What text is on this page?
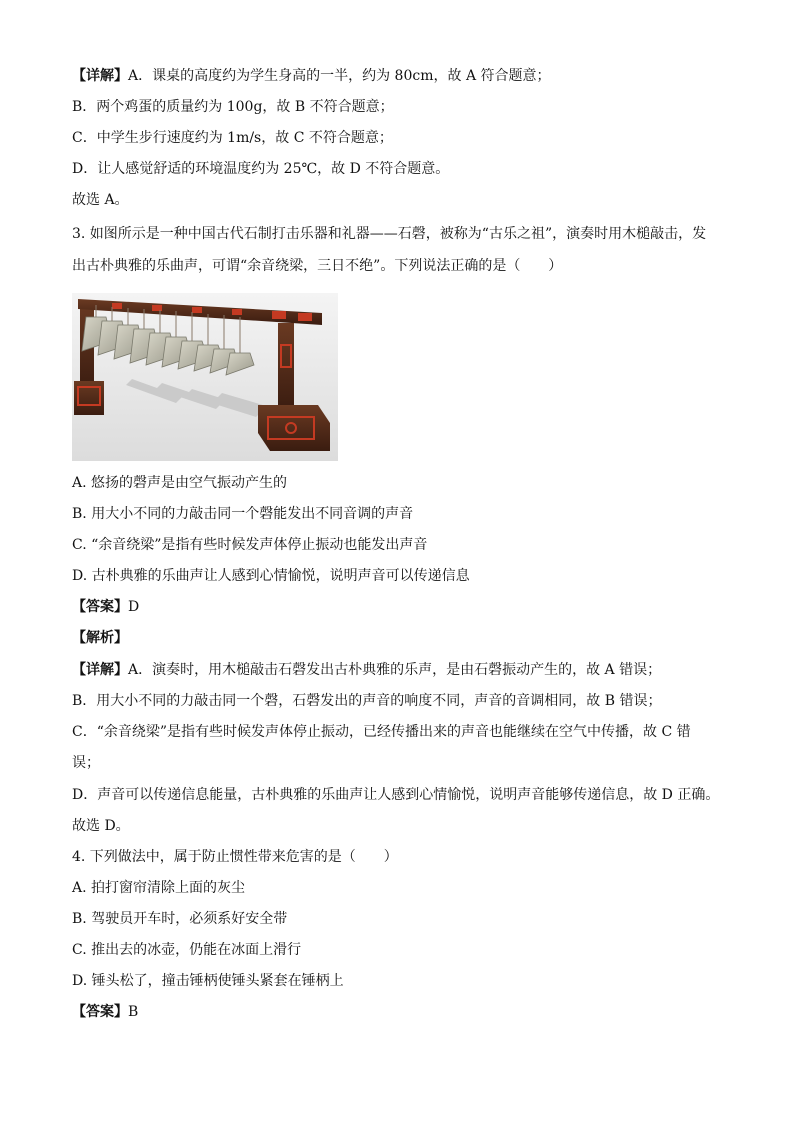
【详解】A．课桌的高度约为学生身高的一半，约为 80cm，故 A 符合题意；
B．两个鸡蛋的质量约为 100g，故 B 不符合题意；
C．中学生步行速度约为 1m/s，故 C 不符合题意；
D．让人感觉舒适的环境温度约为 25℃，故 D 不符合题意。
故选 A。
3. 如图所示是一种中国古代石制打击乐器和礼器——石磬，被称为“古乐之祖”，演奏时用木槌敲击，发
出古朴典雅的乐曲声，可谓“余音绕梁，三日不绝”。下列说法正确的是（　　）
A. 悠扬的磬声是由空气振动产生的
B. 用大小不同的力敲击同一个磬能发出不同音调的声音
C. “余音绕梁”是指有些时候发声体停止振动也能发出声音
D. 古朴典雅的乐曲声让人感到心情愉悦，说明声音可以传递信息
【答案】D
【解析】
【详解】A．演奏时，用木槌敲击石磬发出古朴典雅的乐声，是由石磬振动产生的，故 A 错误；
B．用大小不同的力敲击同一个磬，石磬发出的声音的响度不同，声音的音调相同，故 B 错误；
C．“余音绕梁”是指有些时候发声体停止振动，已经传播出来的声音也能继续在空气中传播，故 C 错
误；
D．声音可以传递信息能量，古朴典雅的乐曲声让人感到心情愉悦，说明声音能够传递信息，故 D 正确。
故选 D。
4. 下列做法中，属于防止惯性带来危害的是（　　）
A. 拍打窗帘清除上面的灰尘
B. 驾驶员开车时，必须系好安全带
C. 推出去的冰壶，仍能在冰面上滑行
D. 锤头松了，撞击锤柄使锤头紧套在锤柄上
【答案】B
